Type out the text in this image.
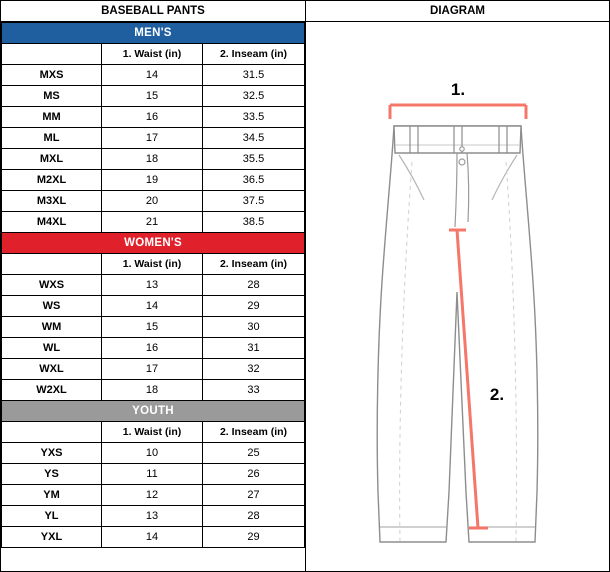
BASEBALL PANTS
MEN'S		
	1. Waist (in)	2. Inseam (in)
MXS	14	31.5
MS	15	32.5
MM	16	33.5
ML	17	34.5
MXL	18	35.5
M2XL	19	36.5
M3XL	20	37.5
M4XL	21	38.5
WOMEN'S		
	1. Waist (in)	2. Inseam (in)
WXS	13	28
WS	14	29
WM	15	30
WL	16	31
WXL	17	32
W2XL	18	33
YOUTH		
	1. Waist (in)	2. Inseam (in)
YXS	10	25
YS	11	26
YM	12	27
YL	13	28
YXL	14	29
DIAGRAM
1.
2.
